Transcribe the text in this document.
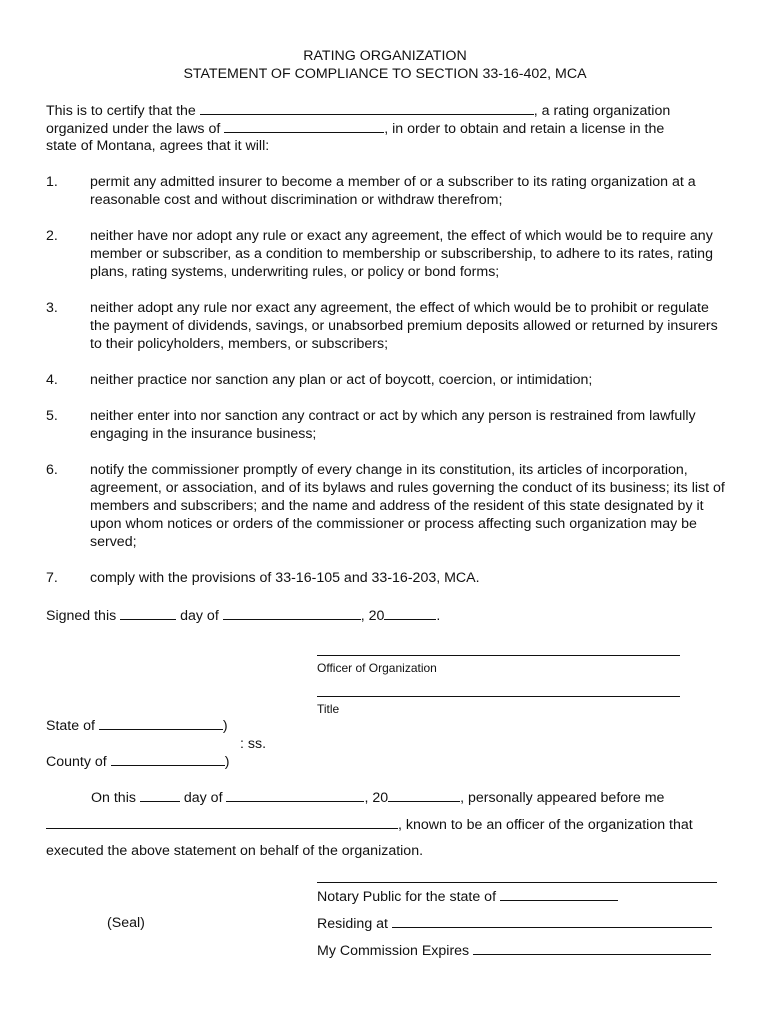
RATING ORGANIZATION
STATEMENT OF COMPLIANCE TO SECTION 33-16-402, MCA
This is to certify that the	, a rating organization
organized under the laws of	, in order to obtain and retain a license in the
state of Montana, agrees that it will:
1. permit any admitted insurer to become a member of or a subscriber to its rating organization at a reasonable cost and without discrimination or withdraw therefrom;
2. neither have nor adopt any rule or exact any agreement, the effect of which would be to require any member or subscriber, as a condition to membership or subscribership, to adhere to its rates, rating plans, rating systems, underwriting rules, or policy or bond forms;
3. neither adopt any rule nor exact any agreement, the effect of which would be to prohibit or regulate the payment of dividends, savings, or unabsorbed premium deposits allowed or returned by insurers to their policyholders, members, or subscribers;
4. neither practice nor sanction any plan or act of boycott, coercion, or intimidation;
5. neither enter into nor sanction any contract or act by which any person is restrained from lawfully engaging in the insurance business;
6. notify the commissioner promptly of every change in its constitution, its articles of incorporation, agreement, or association, and of its bylaws and rules governing the conduct of its business; its list of members and subscribers; and the name and address of the resident of this state designated by it upon whom notices or orders of the commissioner or process affecting such organization may be served;
7. comply with the provisions of 33-16-105 and 33-16-203, MCA.
Signed this	day of	, 20	.
Officer of Organization
Title
State of	)
: ss.
County of	)
On this	day of	, 20	, personally appeared before me
, known to be an officer of the organization that
executed the above statement on behalf of the organization.
Notary Public for the state of
(Seal)	Residing at
My Commission Expires
